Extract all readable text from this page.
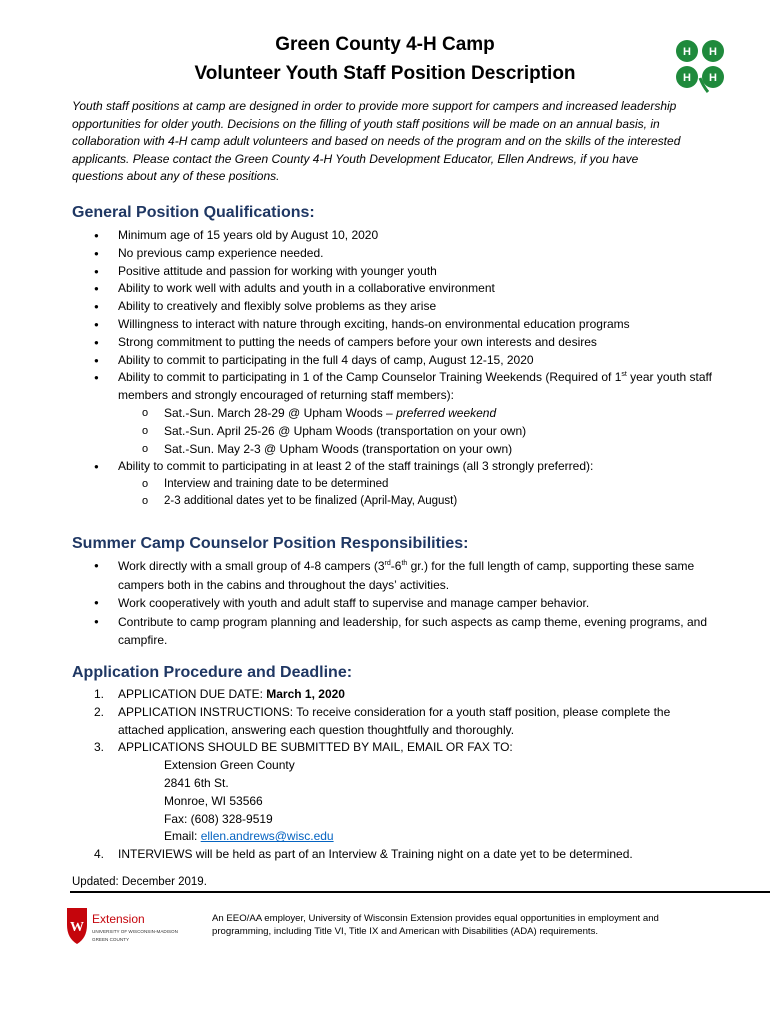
Green County 4-H Camp
Volunteer Youth Staff Position Description
H H
H H

Youth staff positions at camp are designed in order to provide more support for campers and increased leadership opportunities for older youth. Decisions on the filling of youth staff positions will be made on an annual basis, in collaboration with 4-H camp adult volunteers and based on needs of the program and on the skills of the interested applicants. Please contact the Green County 4-H Youth Development Educator, Ellen Andrews, if you have questions about any of these positions.

General Position Qualifications:
● Minimum age of 15 years old by August 10, 2020
● No previous camp experience needed.
● Positive attitude and passion for working with younger youth
● Ability to work well with adults and youth in a collaborative environment
● Ability to creatively and flexibly solve problems as they arise
● Willingness to interact with nature through exciting, hands-on environmental education programs
● Strong commitment to putting the needs of campers before your own interests and desires
● Ability to commit to participating in the full 4 days of camp, August 12-15, 2020
● Ability to commit to participating in 1 of the Camp Counselor Training Weekends (Required of 1st year youth staff members and strongly encouraged of returning staff members):
o Sat.-Sun. March 28-29 @ Upham Woods – preferred weekend
o Sat.-Sun. April 25-26 @ Upham Woods (transportation on your own)
o Sat.-Sun. May 2-3 @ Upham Woods (transportation on your own)
● Ability to commit to participating in at least 2 of the staff trainings (all 3 strongly preferred):
o Interview and training date to be determined
o 2-3 additional dates yet to be finalized (April-May, August)
Summer Camp Counselor Position Responsibilities:
● Work directly with a small group of 4-8 campers (3rd-6th gr.) for the full length of camp, supporting these same campers both in the cabins and throughout the days’ activities.
● Work cooperatively with youth and adult staff to supervise and manage camper behavior.
● Contribute to camp program planning and leadership, for such aspects as camp theme, evening programs, and campfire.
Application Procedure and Deadline:
1. APPLICATION DUE DATE: March 1, 2020
2. APPLICATION INSTRUCTIONS: To receive consideration for a youth staff position, please complete the attached application, answering each question thoughtfully and thoroughly.
3. APPLICATIONS SHOULD BE SUBMITTED BY MAIL, EMAIL OR FAX TO:
Extension Green County
2841 6th St.
Monroe, WI 53566
Fax: (608) 328-9519
Email: ellen.andrews@wisc.edu
4. INTERVIEWS will be held as part of an Interview & Training night on a date yet to be determined.
Updated: December 2019.
W
Extension
UNIVERSITY OF WISCONSIN-MADISON
GREEN COUNTY
An EEO/AA employer, University of Wisconsin Extension provides equal opportunities in employment and programming, including Title VI, Title IX and American with Disabilities (ADA) requirements.
